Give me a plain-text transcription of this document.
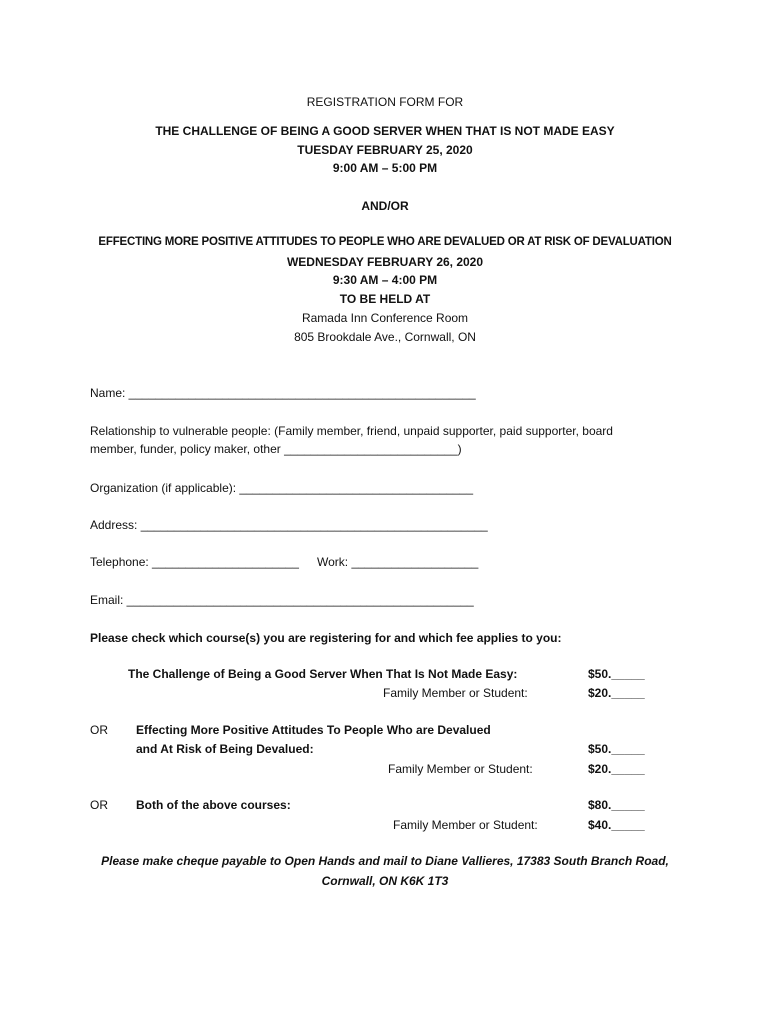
REGISTRATION FORM FOR
THE CHALLENGE OF BEING A GOOD SERVER WHEN THAT IS NOT MADE EASY
TUESDAY FEBRUARY 25, 2020
9:00 AM – 5:00 PM
AND/OR
EFFECTING MORE POSITIVE ATTITUDES TO PEOPLE WHO ARE DEVALUED OR AT RISK OF DEVALUATION
WEDNESDAY FEBRUARY 26, 2020
9:30 AM – 4:00 PM
TO BE HELD AT
Ramada Inn Conference Room
805 Brookdale Ave., Cornwall, ON
Name: ____________________________________________________
Relationship to vulnerable people: (Family member, friend, unpaid supporter, paid supporter, board
member, funder, policy maker, other __________________________)
Organization (if applicable): ___________________________________
Address: ____________________________________________________
Telephone: ______________________ Work: ___________________
Email: ____________________________________________________
Please check which course(s) you are registering for and which fee applies to you:
The Challenge of Being a Good Server When That Is Not Made Easy:	$50._____
Family Member or Student:	$20._____
OR Effecting More Positive Attitudes To People Who are Devalued
and At Risk of Being Devalued:	$50._____
Family Member or Student:	$20._____
OR Both of the above courses:	$80._____
Family Member or Student:	$40._____
Please make cheque payable to Open Hands and mail to Diane Vallieres, 17383 South Branch Road,
Cornwall, ON K6K 1T3
